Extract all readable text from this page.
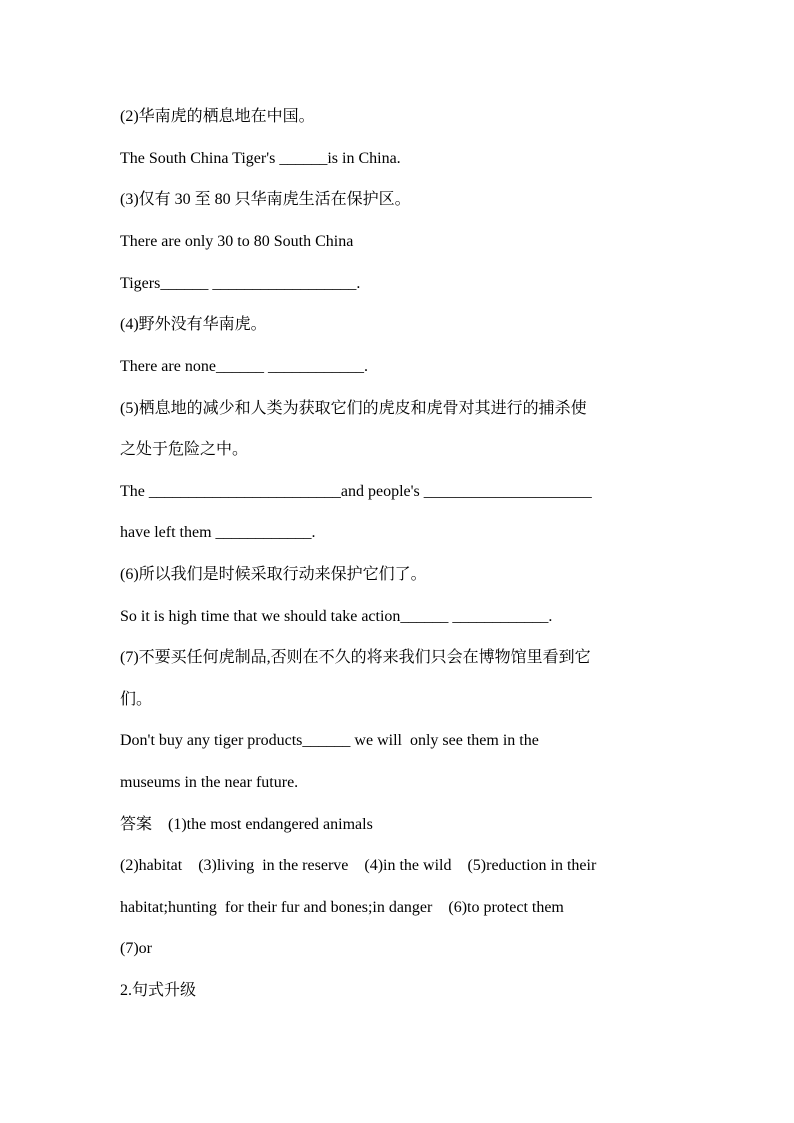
(2)华南虎的栖息地在中国。
The South China Tiger's ______is in China.
(3)仅有 30 至 80 只华南虎生活在保护区。
There are only 30 to 80 South China
Tigers______ __________________.
(4)野外没有华南虎。
There are none______ ____________.
(5)栖息地的减少和人类为获取它们的虎皮和虎骨对其进行的捕杀使
之处于危险之中。
The ________________________and people's _____________________
have left them ____________.
(6)所以我们是时候采取行动来保护它们了。
So it is high time that we should take action______ ____________.
(7)不要买任何虎制品,否则在不久的将来我们只会在博物馆里看到它
们。
Don't buy any tiger products______ we will  only see them in the
museums in the near future.
答案    (1)the most endangered animals
(2)habitat    (3)living  in the reserve    (4)in the wild    (5)reduction in their
habitat;hunting  for their fur and bones;in danger    (6)to protect them
(7)or
2.句式升级
